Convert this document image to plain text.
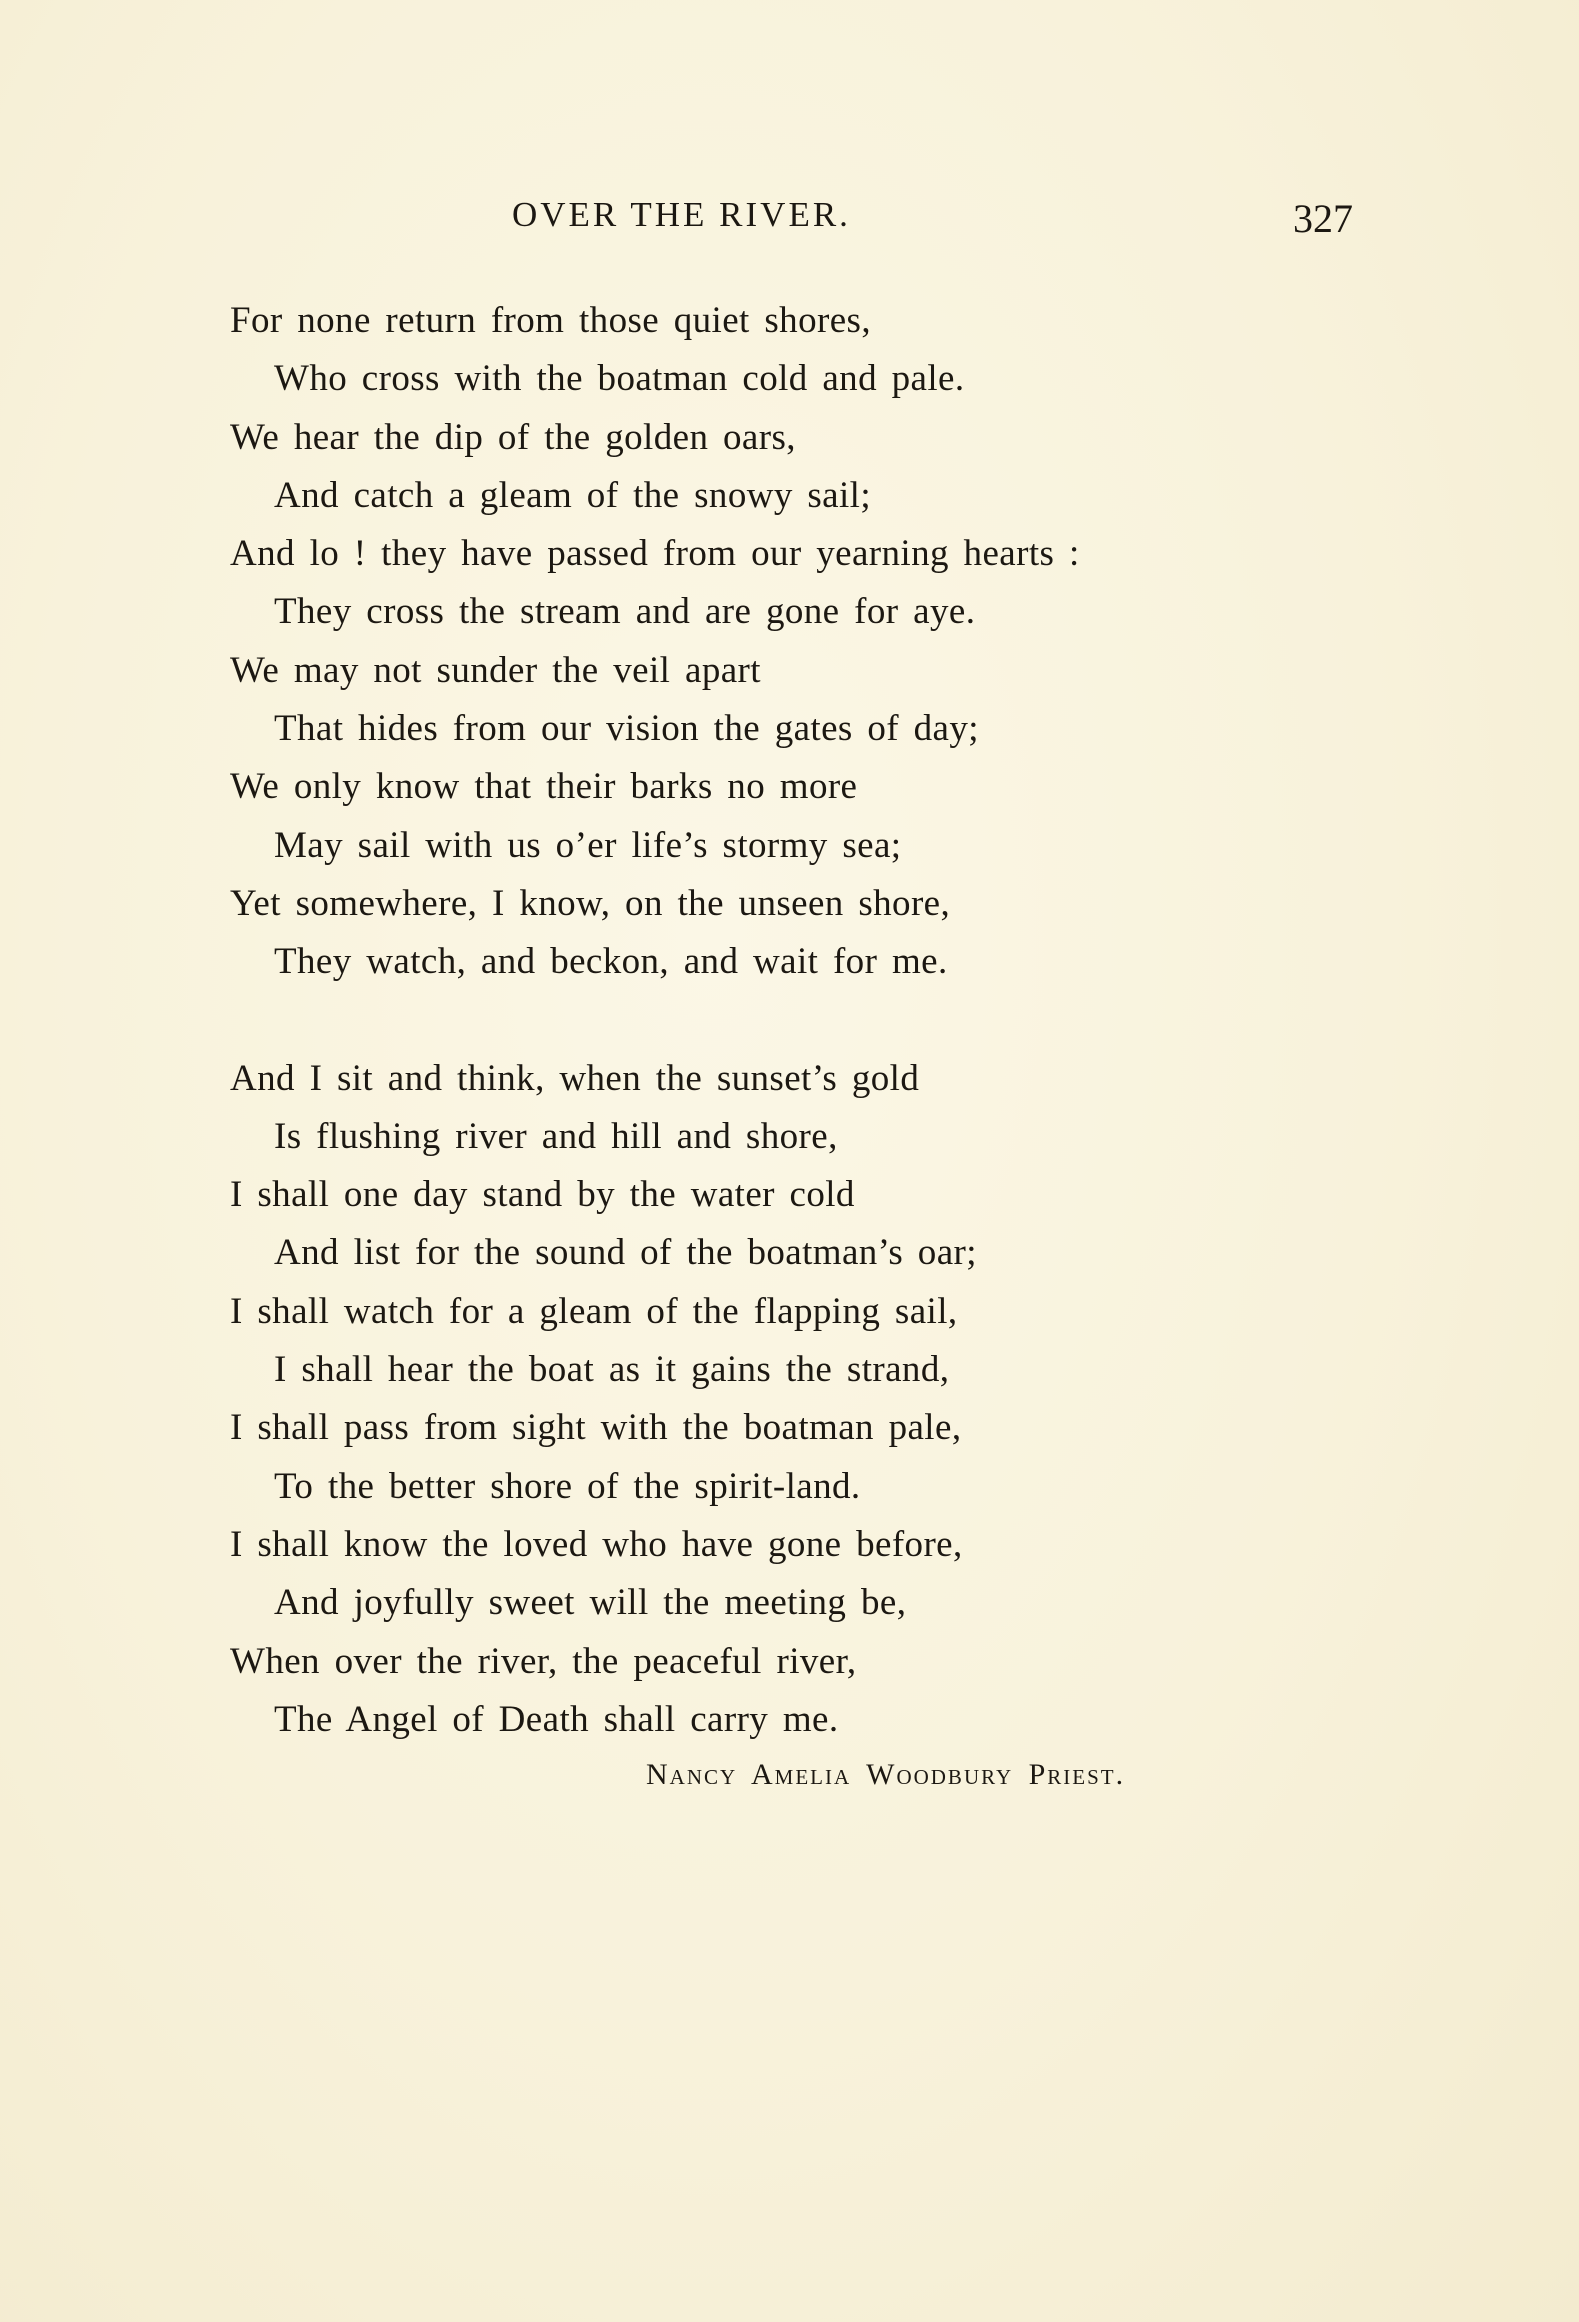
OVER THE RIVER.	327
For none return from those quiet shores,
Who cross with the boatman cold and pale.
We hear the dip of the golden oars,
And catch a gleam of the snowy sail;
And lo ! they have passed from our yearning hearts :
They cross the stream and are gone for aye.
We may not sunder the veil apart
That hides from our vision the gates of day;
We only know that their barks no more
May sail with us o’er life’s stormy sea;
Yet somewhere, I know, on the unseen shore,
They watch, and beckon, and wait for me.
And I sit and think, when the sunset’s gold
Is flushing river and hill and shore,
I shall one day stand by the water cold
And list for the sound of the boatman’s oar;
I shall watch for a gleam of the flapping sail,
I shall hear the boat as it gains the strand,
I shall pass from sight with the boatman pale,
To the better shore of the spirit-land.
I shall know the loved who have gone before,
And joyfully sweet will the meeting be,
When over the river, the peaceful river,
The Angel of Death shall carry me.
Nancy Amelia Woodbury Priest.
